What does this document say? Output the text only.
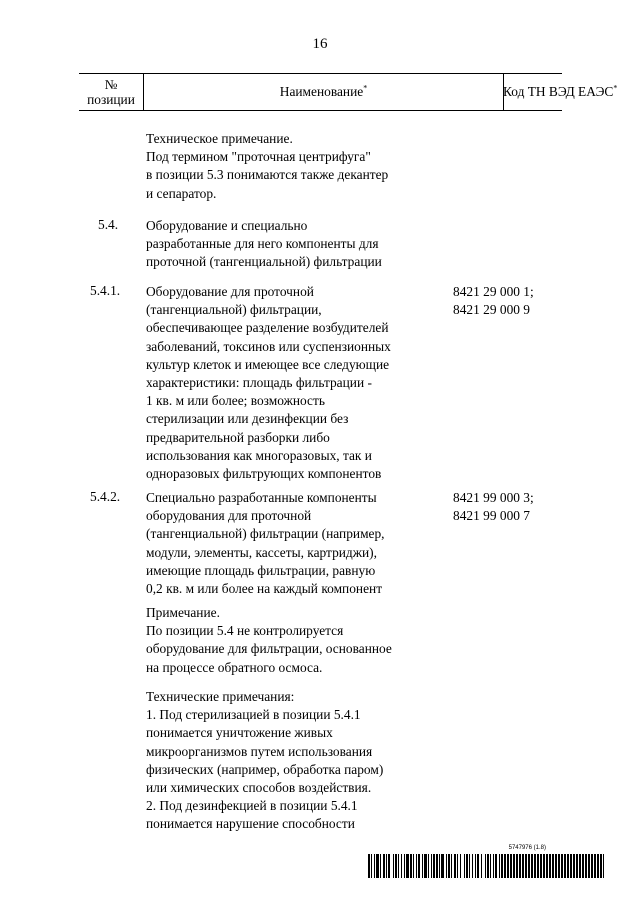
16
№
позиции
Наименование*	Код ТН ВЭД ЕАЭС*
Техническое примечание.
Под термином "проточная центрифуга"
в позиции 5.3 понимаются также декантер
и сепаратор.
5.4. Оборудование и специально
разработанные для него компоненты для
проточной (тангенциальной) фильтрации
5.4.1. Оборудование для проточной
(тангенциальной) фильтрации,
обеспечивающее разделение возбудителей
заболеваний, токсинов или суспензионных
культур клеток и имеющее все следующие
характеристики: площадь фильтрации -
1 кв. м или более; возможность
стерилизации или дезинфекции без
предварительной разборки либо
использования как многоразовых, так и
одноразовых фильтрующих компонентов
8421 29 000 1;
8421 29 000 9
5.4.2. Специально разработанные компоненты
оборудования для проточной
(тангенциальной) фильтрации (например,
модули, элементы, кассеты, картриджи),
имеющие площадь фильтрации, равную
0,2 кв. м или более на каждый компонент
8421 99 000 3;
8421 99 000 7
Примечание.
По позиции 5.4 не контролируется
оборудование для фильтрации, основанное
на процессе обратного осмоса.
Технические примечания:
1. Под стерилизацией в позиции 5.4.1
понимается уничтожение живых
микроорганизмов путем использования
физических (например, обработка паром)
или химических способов воздействия.
2. Под дезинфекцией в позиции 5.4.1
понимается нарушение способности
5747976 (1.8)
